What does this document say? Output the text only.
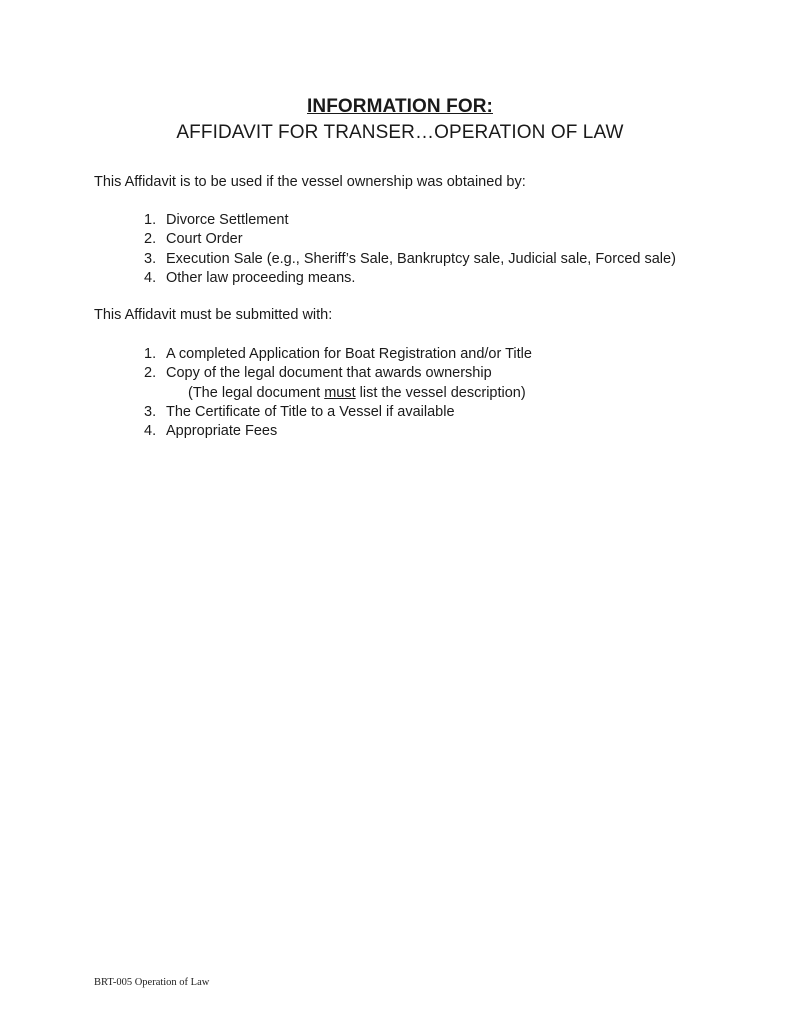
INFORMATION FOR:
AFFIDAVIT FOR TRANSER…OPERATION OF LAW
This Affidavit is to be used if the vessel ownership was obtained by:
1. Divorce Settlement
2. Court Order
3. Execution Sale (e.g., Sheriff’s Sale, Bankruptcy sale, Judicial sale, Forced sale)
4. Other law proceeding means.
This Affidavit must be submitted with:
1. A completed Application for Boat Registration and/or Title
2. Copy of the legal document that awards ownership
(The legal document must list the vessel description)
3. The Certificate of Title to a Vessel if available
4. Appropriate Fees
BRT-005 Operation of Law
